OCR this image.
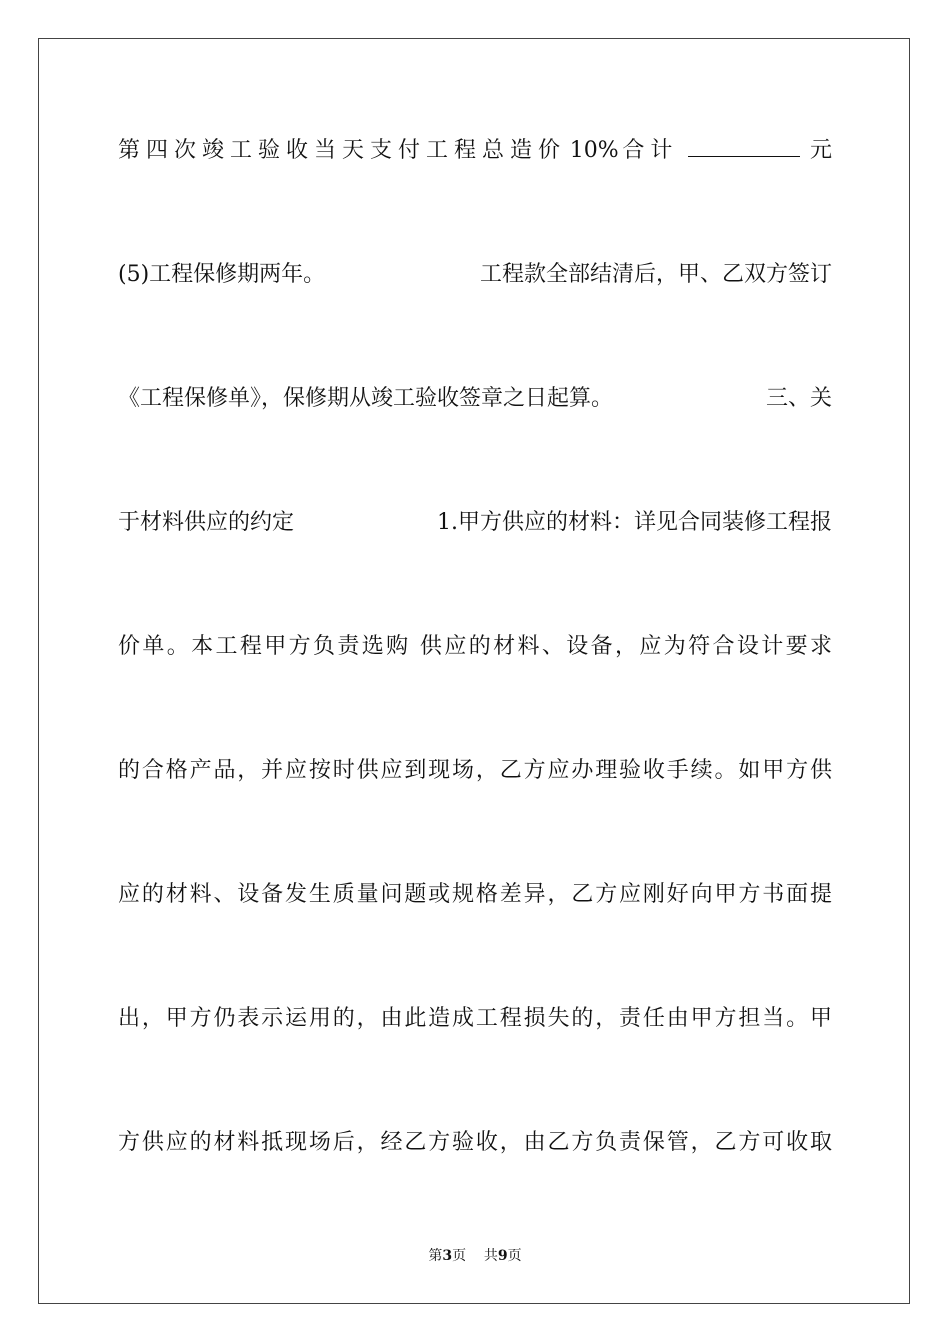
第四次竣工验收当天支付工程总造价 10% 合计	元
(5)工程保修期两年。	工程款全部结清后，甲、乙双方签订
《工程保修单》，保修期从竣工验收签章之日起算。	三、关
于材料供应的约定	1.甲方供应的材料：详见合同装修工程报
价单。本工程甲方负责选购 供应的材料、设备，应为符合设计要求
的合格产品，并应按时供应到现场，乙方应办理验收手续。如甲方供
应的材料、设备发生质量问题或规格差异，乙方应刚好向甲方书面提
出，甲方仍表示运用的，由此造成工程损失的，责任由甲方担当。甲
方供应的材料抵现场后，经乙方验收，由乙方负责保管，乙方可收取
第3页 共9页
